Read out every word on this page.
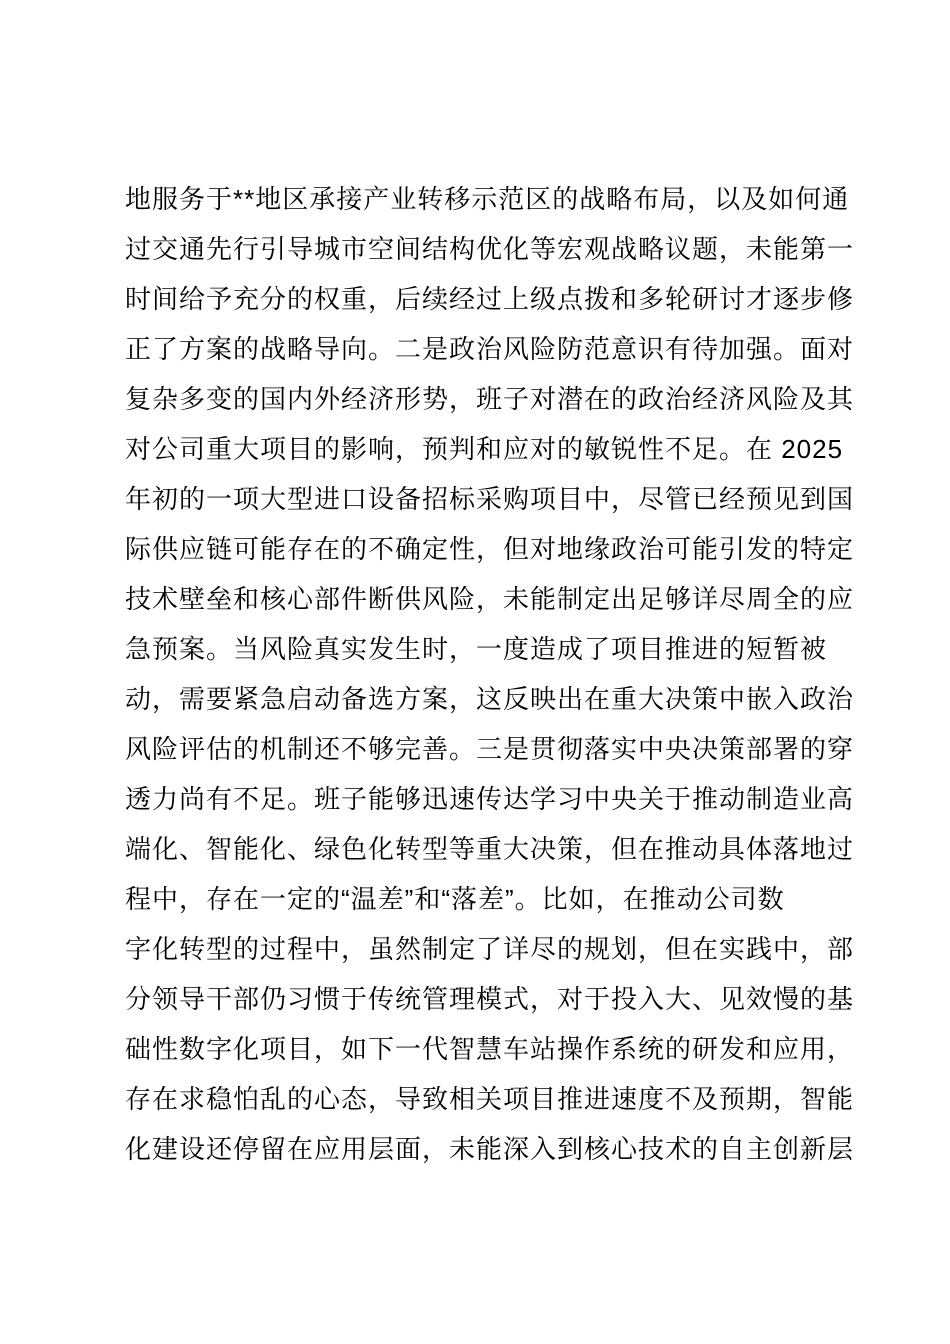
地服务于**地区承接产业转移示范区的战略布局，以及如何通
过交通先行引导城市空间结构优化等宏观战略议题，未能第一
时间给予充分的权重，后续经过上级点拨和多轮研讨才逐步修
正了方案的战略导向。二是政治风险防范意识有待加强。面对
复杂多变的国内外经济形势，班子对潜在的政治经济风险及其
对公司重大项目的影响，预判和应对的敏锐性不足。在 2025
年初的一项大型进口设备招标采购项目中，尽管已经预见到国
际供应链可能存在的不确定性，但对地缘政治可能引发的特定
技术壁垒和核心部件断供风险，未能制定出足够详尽周全的应
急预案。当风险真实发生时，一度造成了项目推进的短暂被
动，需要紧急启动备选方案，这反映出在重大决策中嵌入政治
风险评估的机制还不够完善。三是贯彻落实中央决策部署的穿
透力尚有不足。班子能够迅速传达学习中央关于推动制造业高
端化、智能化、绿色化转型等重大决策，但在推动具体落地过
程中，存在一定的“温差”和“落差”。比如，在推动公司数
字化转型的过程中，虽然制定了详尽的规划，但在实践中，部
分领导干部仍习惯于传统管理模式，对于投入大、见效慢的基
础性数字化项目，如下一代智慧车站操作系统的研发和应用，
存在求稳怕乱的心态，导致相关项目推进速度不及预期，智能
化建设还停留在应用层面，未能深入到核心技术的自主创新层
